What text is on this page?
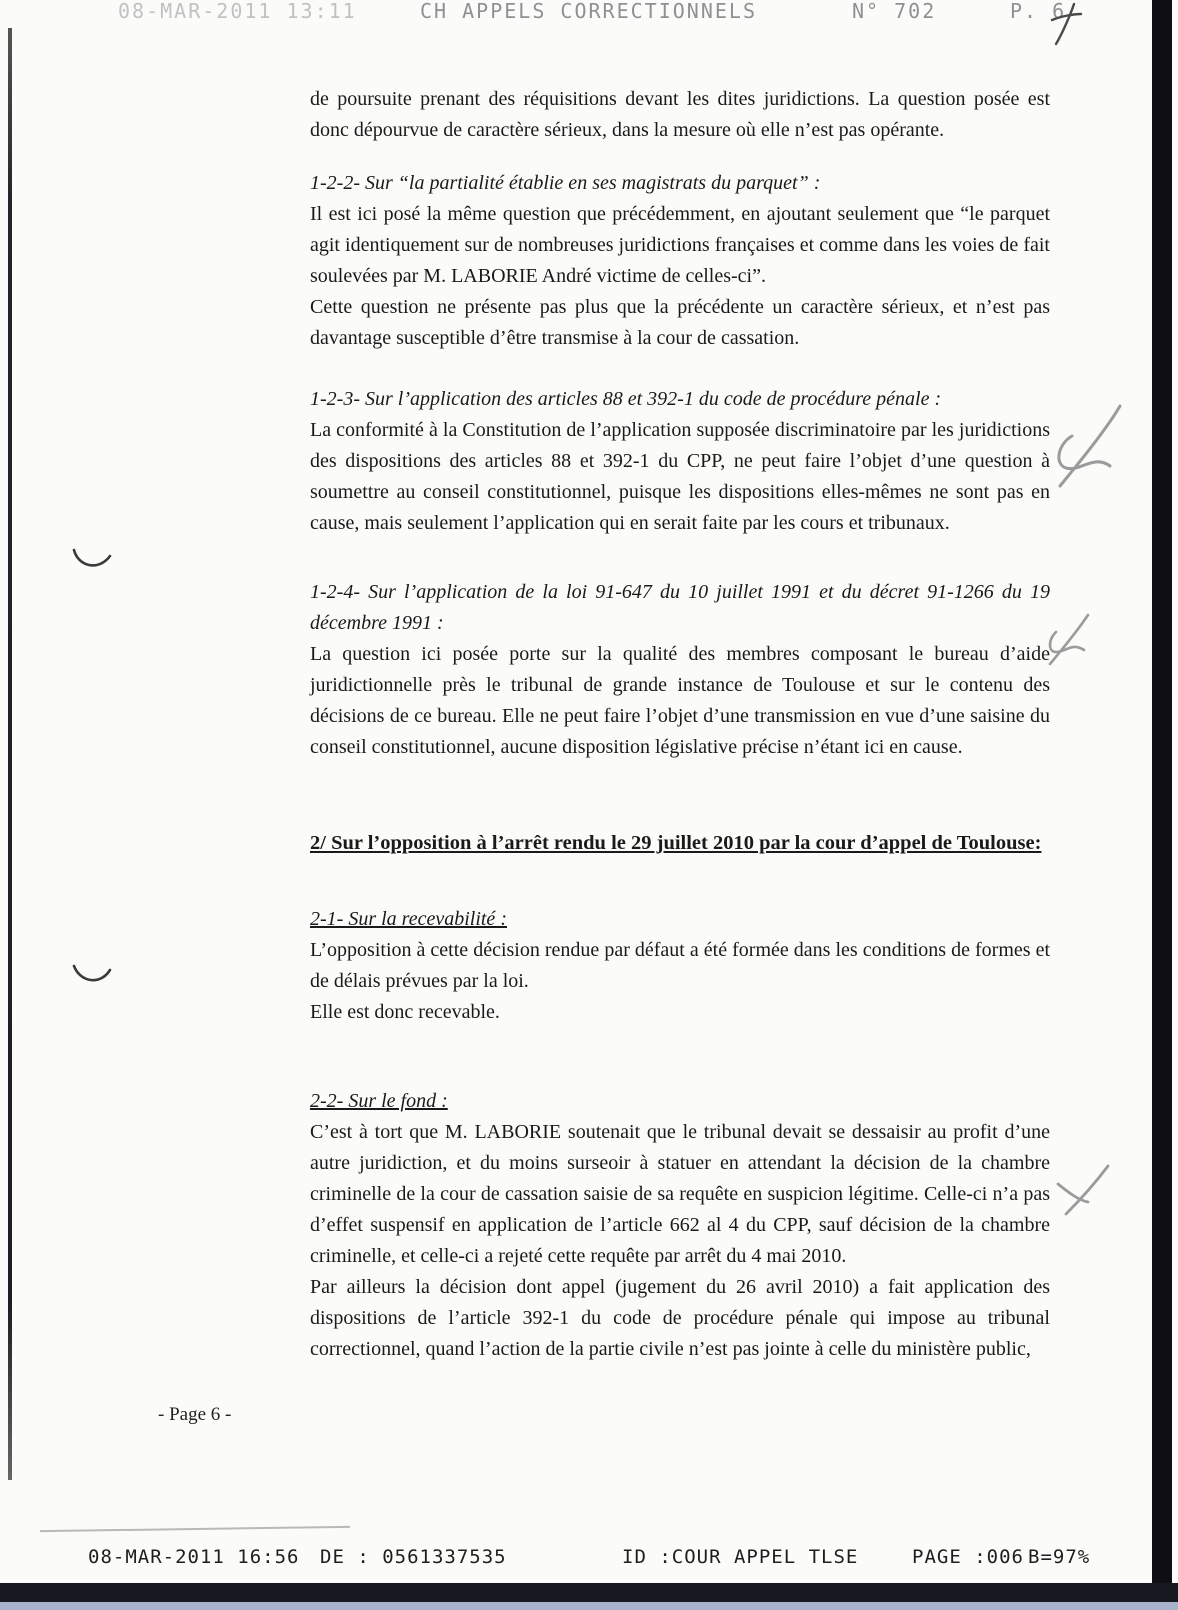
08-MAR-2011 13:11	CH APPELS CORRECTIONNELS	N° 702	P. 6

de poursuite prenant des réquisitions devant les dites juridictions. La question posée est donc dépourvue de caractère sérieux, dans la mesure où elle n’est pas opérante.

1-2-2- Sur “la partialité établie en ses magistrats du parquet” :

Il est ici posé la même question que précédemment, en ajoutant seulement que “le parquet agit identiquement sur de nombreuses juridictions françaises et comme dans les voies de fait soulevées par M. LABORIE André victime de celles-ci”.

Cette question ne présente pas plus que la précédente un caractère sérieux, et n’est pas davantage susceptible d’être transmise à la cour de cassation.

1-2-3- Sur l’application des articles 88 et 392-1 du code de procédure pénale :

La conformité à la Constitution de l’application supposée discriminatoire par les juridictions des dispositions des articles 88 et 392-1 du CPP, ne peut faire l’objet d’une question à soumettre au conseil constitutionnel, puisque les dispositions elles-mêmes ne sont pas en cause, mais seulement l’application qui en serait faite par les cours et tribunaux.

1-2-4- Sur l’application de la loi 91-647 du 10 juillet 1991 et du décret 91-1266 du 19 décembre 1991 :

La question ici posée porte sur la qualité des membres composant le bureau d’aide juridictionnelle près le tribunal de grande instance de Toulouse et sur le contenu des décisions de ce bureau. Elle ne peut faire l’objet d’une transmission en vue d’une saisine du conseil constitutionnel, aucune disposition législative précise n’étant ici en cause.

2/ Sur l’opposition à l’arrêt rendu le 29 juillet 2010 par la cour d’appel de Toulouse:
2-1- Sur la recevabilité :

L’opposition à cette décision rendue par défaut a été formée dans les conditions de formes et de délais prévues par la loi.

Elle est donc recevable.

2-2- Sur le fond :

C’est à tort que M. LABORIE soutenait que le tribunal devait se dessaisir au profit d’une autre juridiction, et du moins surseoir à statuer en attendant la décision de la chambre criminelle de la cour de cassation saisie de sa requête en suspicion légitime. Celle-ci n’a pas d’effet suspensif en application de l’article 662 al 4 du CPP, sauf décision de la chambre criminelle, et celle-ci a rejeté cette requête par arrêt du 4 mai 2010.

Par ailleurs la décision dont appel (jugement du 26 avril 2010) a fait application des dispositions de l’article 392-1 du code de procédure pénale qui impose au tribunal correctionnel, quand l’action de la partie civile n’est pas jointe à celle du ministère public,

- Page 6 -
08-MAR-2011 16:56 DE : 0561337535	ID :COUR APPEL TLSE	PAGE :006 B=97%
